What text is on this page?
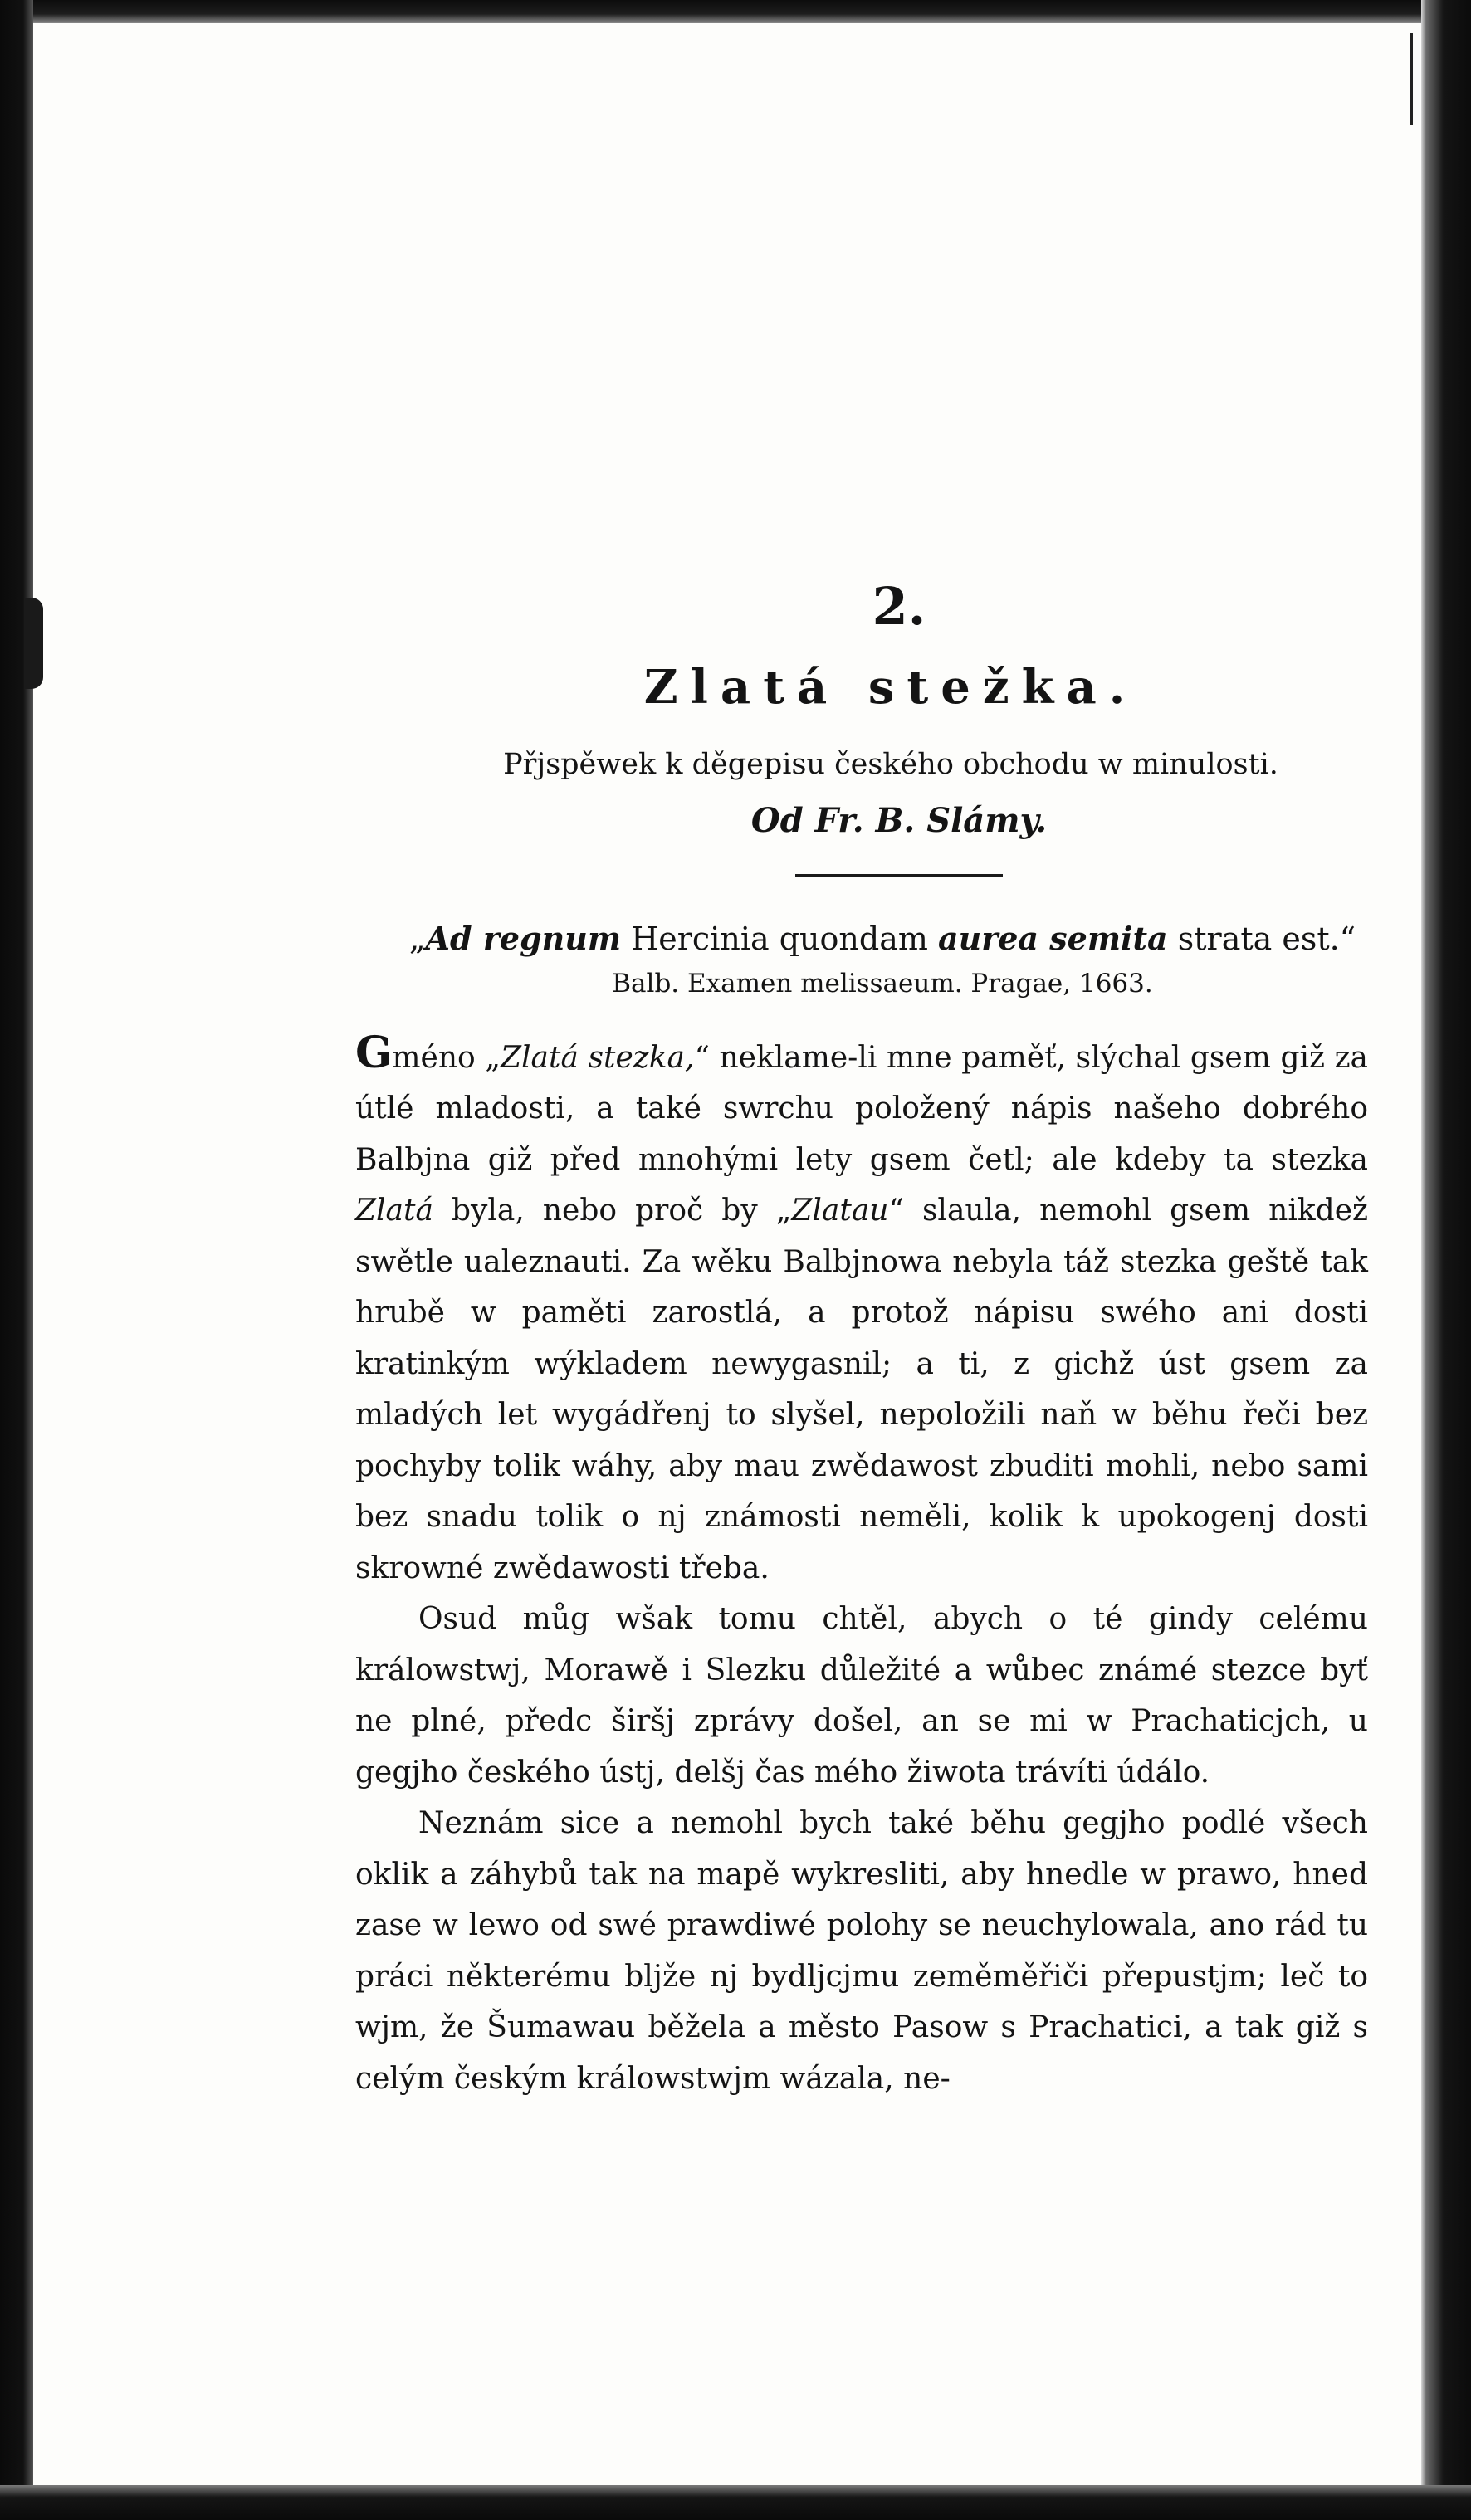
2.
Zlatá stežka.
Přjspěwek k děgepisu českého obchodu w minulosti.
Od Fr. B. Slámy.
„Ad regnum Hercinia quondam aurea semita strata est.“
Balb. Examen melissaeum. Pragae, 1663.

Gméno „Zlatá stezka,“ neklame-li mne paměť, slýchal gsem giž za útlé mladosti, a také swrchu položený nápis našeho dobrého Balbjna giž před mnohými lety gsem četl; ale kdeby ta stezka Zlatá byla, nebo proč by „Zlatau“ slaula, nemohl gsem nikdež swětle ualeznauti. Za wěku Balbjnowa nebyla táž stezka geště tak hrubě w paměti zarostlá, a protož nápisu swého ani dosti kratinkým wýkladem newygasnil; a ti, z gichž úst gsem za mladých let wygádřenj to slyšel, nepoložili naň w běhu řeči bez pochyby tolik wáhy, aby mau zwědawost zbuditi mohli, nebo sami bez snadu tolik o nj známosti neměli, kolik k upokogenj dosti skrowné zwědawosti třeba.

Osud můg wšak tomu chtěl, abych o té gindy celému králowstwj, Morawě i Slezku důležité a wůbec známé stezce byť ne plné, předc širšj zprávy došel, an se mi w Prachaticjch, u gegjho českého ústj, delšj čas mého žiwota trávíti údálo.

Neznám sice a nemohl bych také běhu gegjho podlé všech oklik a záhybů tak na mapě wykresliti, aby hnedle w prawo, hned zase w lewo od swé prawdiwé polohy se neuchylowala, ano rád tu práci některému bljže nj bydljcjmu zeměměřiči přepustjm; leč to wjm, že Šumawau běžela a město Pasow s Prachatici, a tak giž s celým českým králowstwjm wázala, ne-
